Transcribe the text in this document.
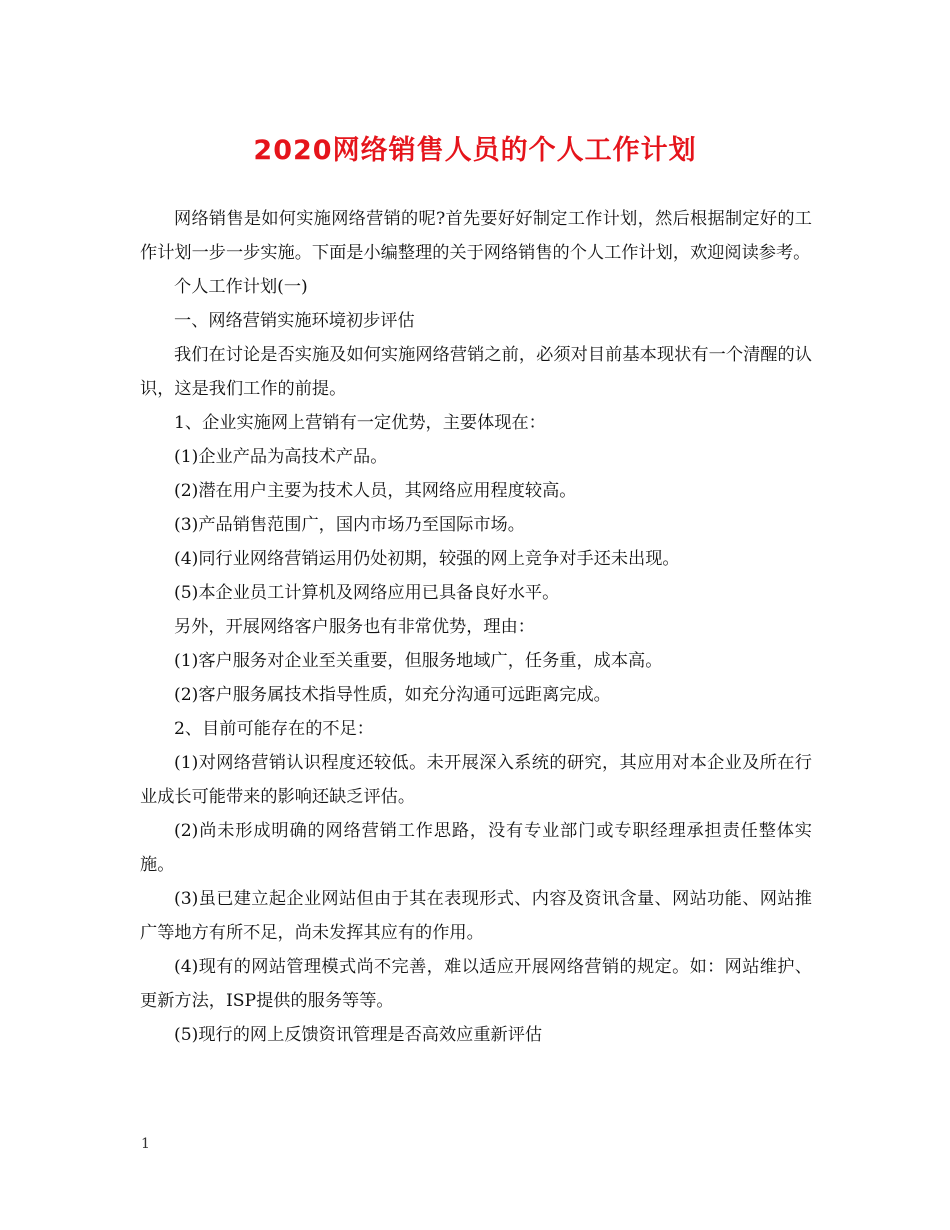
2020网络销售人员的个人工作计划

网络销售是如何实施网络营销的呢?首先要好好制定工作计划，然后根据制定好的工作计划一步一步实施。下面是小编整理的关于网络销售的个人工作计划，欢迎阅读参考。

个人工作计划(一)

一、网络营销实施环境初步评估

我们在讨论是否实施及如何实施网络营销之前，必须对目前基本现状有一个清醒的认识，这是我们工作的前提。

1、企业实施网上营销有一定优势，主要体现在：

(1)企业产品为高技术产品。

(2)潜在用户主要为技术人员，其网络应用程度较高。

(3)产品销售范围广，国内市场乃至国际市场。

(4)同行业网络营销运用仍处初期，较强的网上竞争对手还未出现。

(5)本企业员工计算机及网络应用已具备良好水平。

另外，开展网络客户服务也有非常优势，理由：

(1)客户服务对企业至关重要，但服务地域广，任务重，成本高。

(2)客户服务属技术指导性质，如充分沟通可远距离完成。

2、目前可能存在的不足：

(1)对网络营销认识程度还较低。未开展深入系统的研究，其应用对本企业及所在行业成长可能带来的影响还缺乏评估。

(2)尚未形成明确的网络营销工作思路，没有专业部门或专职经理承担责任整体实施。

(3)虽已建立起企业网站但由于其在表现形式、内容及资讯含量、网站功能、网站推广等地方有所不足，尚未发挥其应有的作用。

(4)现有的网站管理模式尚不完善，难以适应开展网络营销的规定。如：网站维护、更新方法，ISP提供的服务等等。

(5)现行的网上反馈资讯管理是否高效应重新评估

1
